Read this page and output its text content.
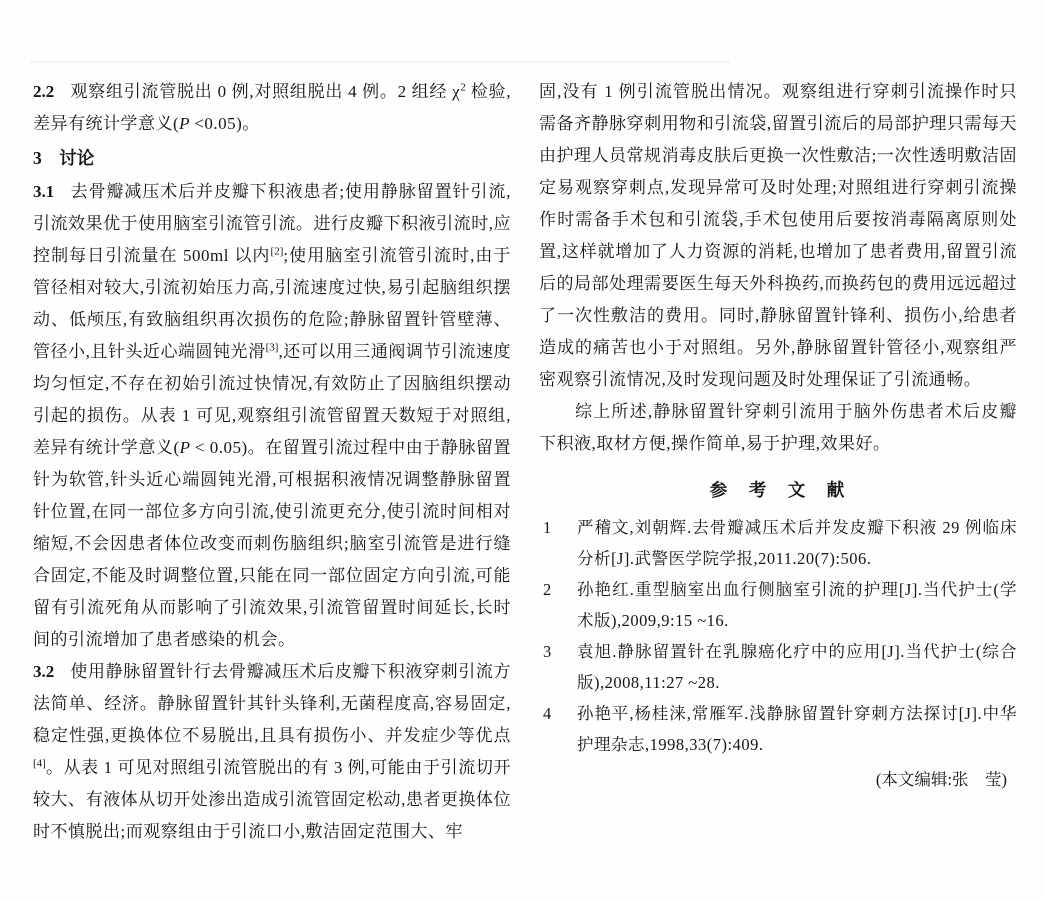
2.2 观察组引流管脱出 0 例,对照组脱出 4 例。2 组经 $\chi^2$ 检验,差异有统计学意义(P <0.05)。

3　讨论

3.1 去骨瓣减压术后并皮瓣下积液患者;使用静脉留置针引流,引流效果优于使用脑室引流管引流。进行皮瓣下积液引流时,应控制每日引流量在 500ml 以内[2];使用脑室引流管引流时,由于管径相对较大,引流初始压力高,引流速度过快,易引起脑组织摆动、低颅压,有致脑组织再次损伤的危险;静脉留置针管壁薄、管径小,且针头近心端圆钝光滑[3],还可以用三通阀调节引流速度均匀恒定,不存在初始引流过快情况,有效防止了因脑组织摆动引起的损伤。从表 1 可见,观察组引流管留置天数短于对照组,差异有统计学意义(P < 0.05)。在留置引流过程中由于静脉留置针为软管,针头近心端圆钝光滑,可根据积液情况调整静脉留置针位置,在同一部位多方向引流,使引流更充分,使引流时间相对缩短,不会因患者体位改变而刺伤脑组织;脑室引流管是进行缝合固定,不能及时调整位置,只能在同一部位固定方向引流,可能留有引流死角从而影响了引流效果,引流管留置时间延长,长时间的引流增加了患者感染的机会。

3.2 使用静脉留置针行去骨瓣减压术后皮瓣下积液穿刺引流方法简单、经济。静脉留置针其针头锋利,无菌程度高,容易固定,稳定性强,更换体位不易脱出,且具有损伤小、并发症少等优点[4]。从表 1 可见对照组引流管脱出的有 3 例,可能由于引流切开较大、有液体从切开处渗出造成引流管固定松动,患者更换体位时不慎脱出;而观察组由于引流口小,敷洁固定范围大、牢

固,没有 1 例引流管脱出情况。观察组进行穿刺引流操作时只需备齐静脉穿刺用物和引流袋,留置引流后的局部护理只需每天由护理人员常规消毒皮肤后更换一次性敷洁;一次性透明敷洁固定易观察穿刺点,发现异常可及时处理;对照组进行穿刺引流操作时需备手术包和引流袋,手术包使用后要按消毒隔离原则处置,这样就增加了人力资源的消耗,也增加了患者费用,留置引流后的局部处理需要医生每天外科换药,而换药包的费用远远超过了一次性敷洁的费用。同时,静脉留置针锋利、损伤小,给患者造成的痛苦也小于对照组。另外,静脉留置针管径小,观察组严密观察引流情况,及时发现问题及时处理保证了引流通畅。

综上所述,静脉留置针穿刺引流用于脑外伤患者术后皮瓣下积液,取材方便,操作简单,易于护理,效果好。

参　考　文　献
1 严稽文,刘朝辉.去骨瓣减压术后并发皮瓣下积液 29 例临床分析[J].武警医学院学报,2011.20(7):506.
2 孙艳红.重型脑室出血行侧脑室引流的护理[J].当代护士(学术版),2009,9:15 ~16.
3 袁旭.静脉留置针在乳腺癌化疗中的应用[J].当代护士(综合版),2008,11:27 ~28.
4 孙艳平,杨桂涞,常雁军.浅静脉留置针穿刺方法探讨[J].中华护理杂志,1998,33(7):409.

(本文编辑:张　莹)
